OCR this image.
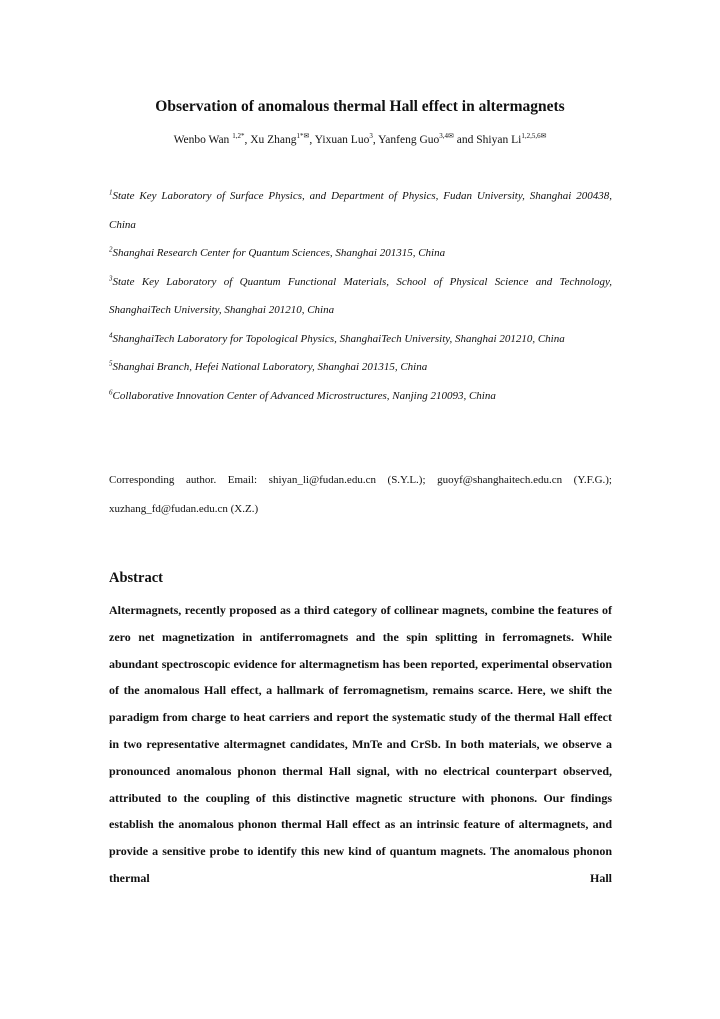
Observation of anomalous thermal Hall effect in altermagnets
Wenbo Wan $^{1,2*}$, Xu Zhang$^{1*✉}$, Yixuan Luo$^3$, Yanfeng Guo$^{3,4✉}$ and Shiyan $Li^{1,2,5,6✉}$

$^1$State Key Laboratory of Surface Physics, and Department of Physics, Fudan University, Shanghai 200438, China

$^2$Shanghai Research Center for Quantum Sciences, Shanghai 201315, China

$^3$State Key Laboratory of Quantum Functional Materials, School of Physical Science and Technology, ShanghaiTech University, Shanghai 201210, China

$^4$ShanghaiTech Laboratory for Topological Physics, ShanghaiTech University, Shanghai 201210, China

$^5$Shanghai Branch, Hefei National Laboratory, Shanghai 201315, China

$^6$Collaborative Innovation Center of Advanced Microstructures, Nanjing 210093, China

Corresponding author. Email: shiyan_li@fudan.edu.cn (S.Y.L.); guoyf@shanghaitech.edu.cn (Y.F.G.); xuzhang_fd@fudan.edu.cn (X.Z.)
Abstract
Altermagnets, recently proposed as a third category of collinear magnets, combine the features of zero net magnetization in antiferromagnets and the spin splitting in ferromagnets. While abundant spectroscopic evidence for altermagnetism has been reported, experimental observation of the anomalous Hall effect, a hallmark of ferromagnetism, remains scarce. Here, we shift the paradigm from charge to heat carriers and report the systematic study of the thermal Hall effect in two representative altermagnet candidates, MnTe and CrSb. In both materials, we observe a pronounced anomalous phonon thermal Hall signal, with no electrical counterpart observed, attributed to the coupling of this distinctive magnetic structure with phonons. Our findings establish the anomalous phonon thermal Hall effect as an intrinsic feature of altermagnets, and provide a sensitive probe to identify this new kind of quantum magnets. The anomalous phonon thermal Hall
